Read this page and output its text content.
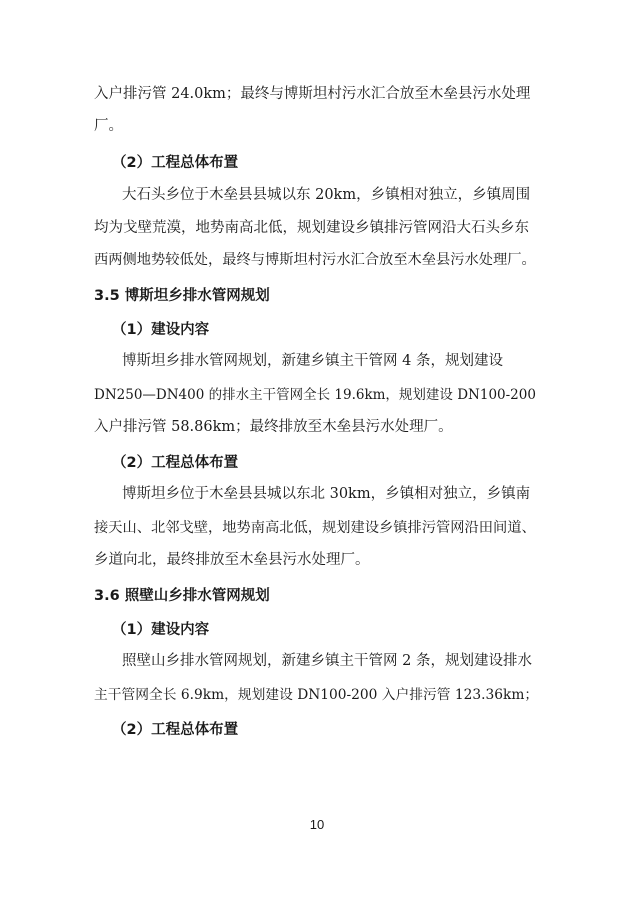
入户排污管 24.0km；最终与博斯坦村污水汇合放至木垒县污水处理
厂。
（2）工程总体布置
大石头乡位于木垒县县城以东 20km，乡镇相对独立，乡镇周围
均为戈壁荒漠，地势南高北低，规划建设乡镇排污管网沿大石头乡东
西两侧地势较低处，最终与博斯坦村污水汇合放至木垒县污水处理厂。
3.5 博斯坦乡排水管网规划
（1）建设内容
博斯坦乡排水管网规划，新建乡镇主干管网 4 条，规划建设
DN250—DN400 的排水主干管网全长 19.6km，规划建设 DN100-200
入户排污管 58.86km；最终排放至木垒县污水处理厂。
（2）工程总体布置
博斯坦乡位于木垒县县城以东北 30km，乡镇相对独立，乡镇南
接天山、北邻戈壁，地势南高北低，规划建设乡镇排污管网沿田间道、
乡道向北，最终排放至木垒县污水处理厂。
3.6 照壁山乡排水管网规划
（1）建设内容
照壁山乡排水管网规划，新建乡镇主干管网 2 条，规划建设排水
主干管网全长 6.9km，规划建设 DN100-200 入户排污管 123.36km；
（2）工程总体布置
10
